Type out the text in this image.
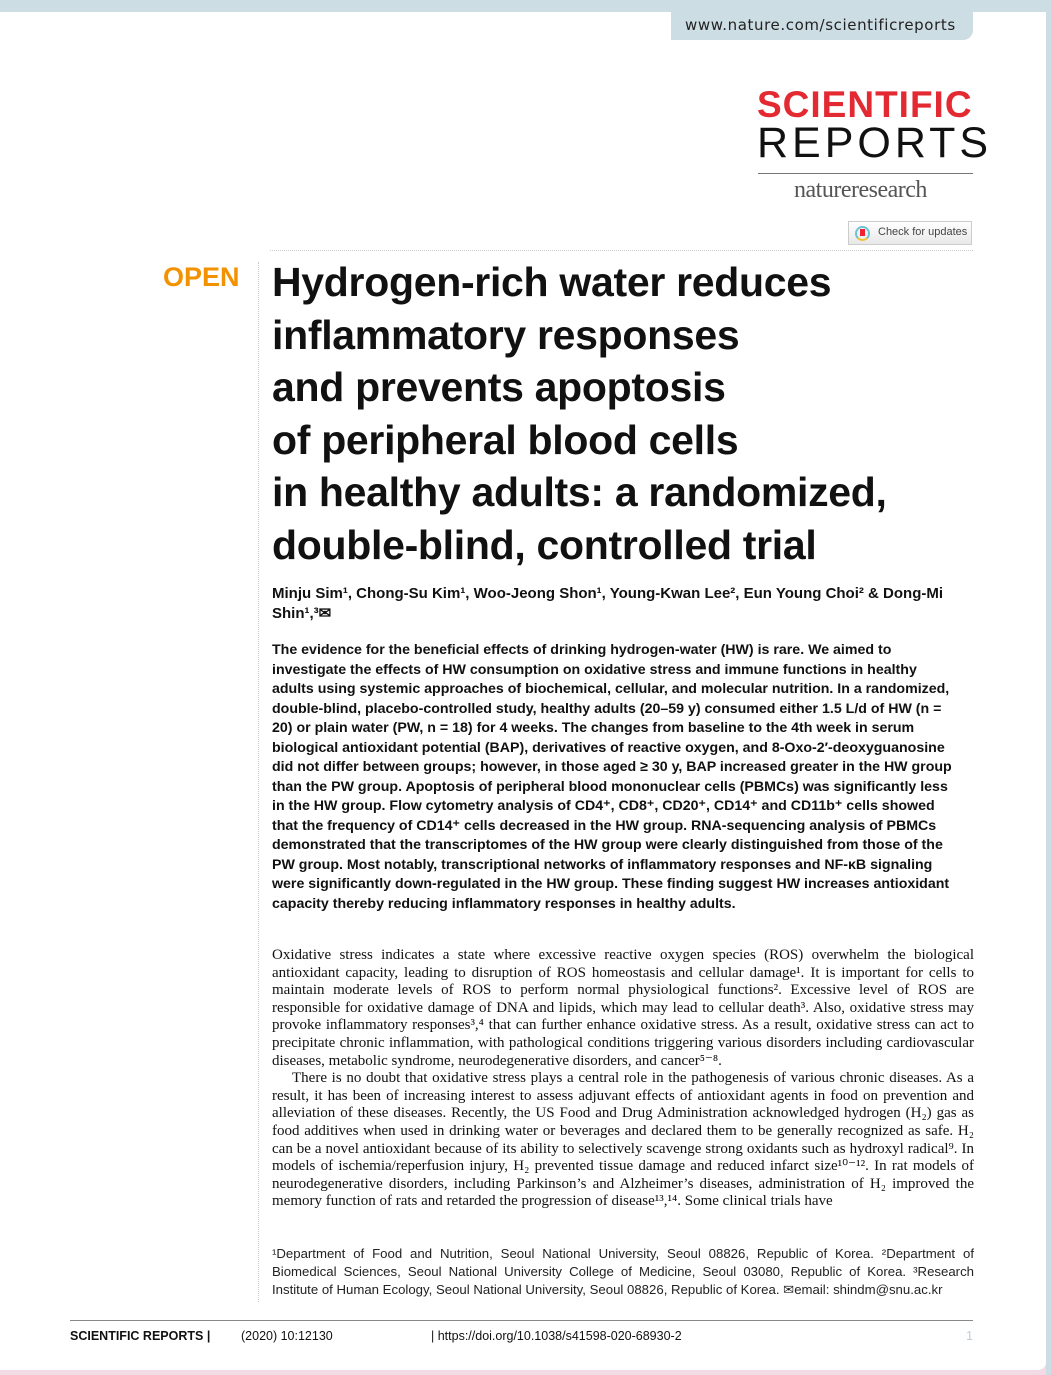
www.nature.com/scientificreports
SCIENTIFIC
REPORTS
natureresearch
Check for updates
OPEN Hydrogen-rich water reduces
inflammatory responses
and prevents apoptosis
of peripheral blood cells
in healthy adults: a randomized,
double-blind, controlled trial
Minju Sim¹, Chong-Su Kim¹, Woo-Jeong Shon¹, Young-Kwan Lee², Eun Young Choi² & Dong-Mi Shin¹,³✉
The evidence for the beneficial effects of drinking hydrogen-water (HW) is rare. We aimed to investigate the effects of HW consumption on oxidative stress and immune functions in healthy adults using systemic approaches of biochemical, cellular, and molecular nutrition. In a randomized, double-blind, placebo-controlled study, healthy adults (20–59 y) consumed either 1.5 L/d of HW (n = 20) or plain water (PW, n = 18) for 4 weeks. The changes from baseline to the 4th week in serum biological antioxidant potential (BAP), derivatives of reactive oxygen, and 8-Oxo-2′-deoxyguanosine did not differ between groups; however, in those aged ≥ 30 y, BAP increased greater in the HW group than the PW group. Apoptosis of peripheral blood mononuclear cells (PBMCs) was significantly less in the HW group. Flow cytometry analysis of CD4⁺, CD8⁺, CD20⁺, CD14⁺ and CD11b⁺ cells showed that the frequency of CD14⁺ cells decreased in the HW group. RNA-sequencing analysis of PBMCs demonstrated that the transcriptomes of the HW group were clearly distinguished from those of the PW group. Most notably, transcriptional networks of inflammatory responses and NF-κB signaling were significantly down-regulated in the HW group. These finding suggest HW increases antioxidant capacity thereby reducing inflammatory responses in healthy adults.

Oxidative stress indicates a state where excessive reactive oxygen species (ROS) overwhelm the biological antioxidant capacity, leading to disruption of ROS homeostasis and cellular damage¹. It is important for cells to maintain moderate levels of ROS to perform normal physiological functions². Excessive level of ROS are responsible for oxidative damage of DNA and lipids, which may lead to cellular death³. Also, oxidative stress may provoke inflammatory responses³,⁴ that can further enhance oxidative stress. As a result, oxidative stress can act to precipitate chronic inflammation, with pathological conditions triggering various disorders including cardiovascular diseases, metabolic syndrome, neurodegenerative disorders, and cancer⁵⁻⁸.

There is no doubt that oxidative stress plays a central role in the pathogenesis of various chronic diseases. As a result, it has been of increasing interest to assess adjuvant effects of antioxidant agents in food on prevention and alleviation of these diseases. Recently, the US Food and Drug Administration acknowledged hydrogen (H₂) gas as food additives when used in drinking water or beverages and declared them to be generally recognized as safe. H₂ can be a novel antioxidant because of its ability to selectively scavenge strong oxidants such as hydroxyl radical⁹. In models of ischemia/reperfusion injury, H₂ prevented tissue damage and reduced infarct size¹⁰⁻¹². In rat models of neurodegenerative disorders, including Parkinson’s and Alzheimer’s diseases, administration of H₂ improved the memory function of rats and retarded the progression of disease¹³,¹⁴. Some clinical trials have

¹Department of Food and Nutrition, Seoul National University, Seoul 08826, Republic of Korea. ²Department of Biomedical Sciences, Seoul National University College of Medicine, Seoul 03080, Republic of Korea. ³Research Institute of Human Ecology, Seoul National University, Seoul 08826, Republic of Korea. ✉email: shindm@snu.ac.kr
SCIENTIFIC REPORTS | (2020) 10:12130	| https://doi.org/10.1038/s41598-020-68930-2	1
